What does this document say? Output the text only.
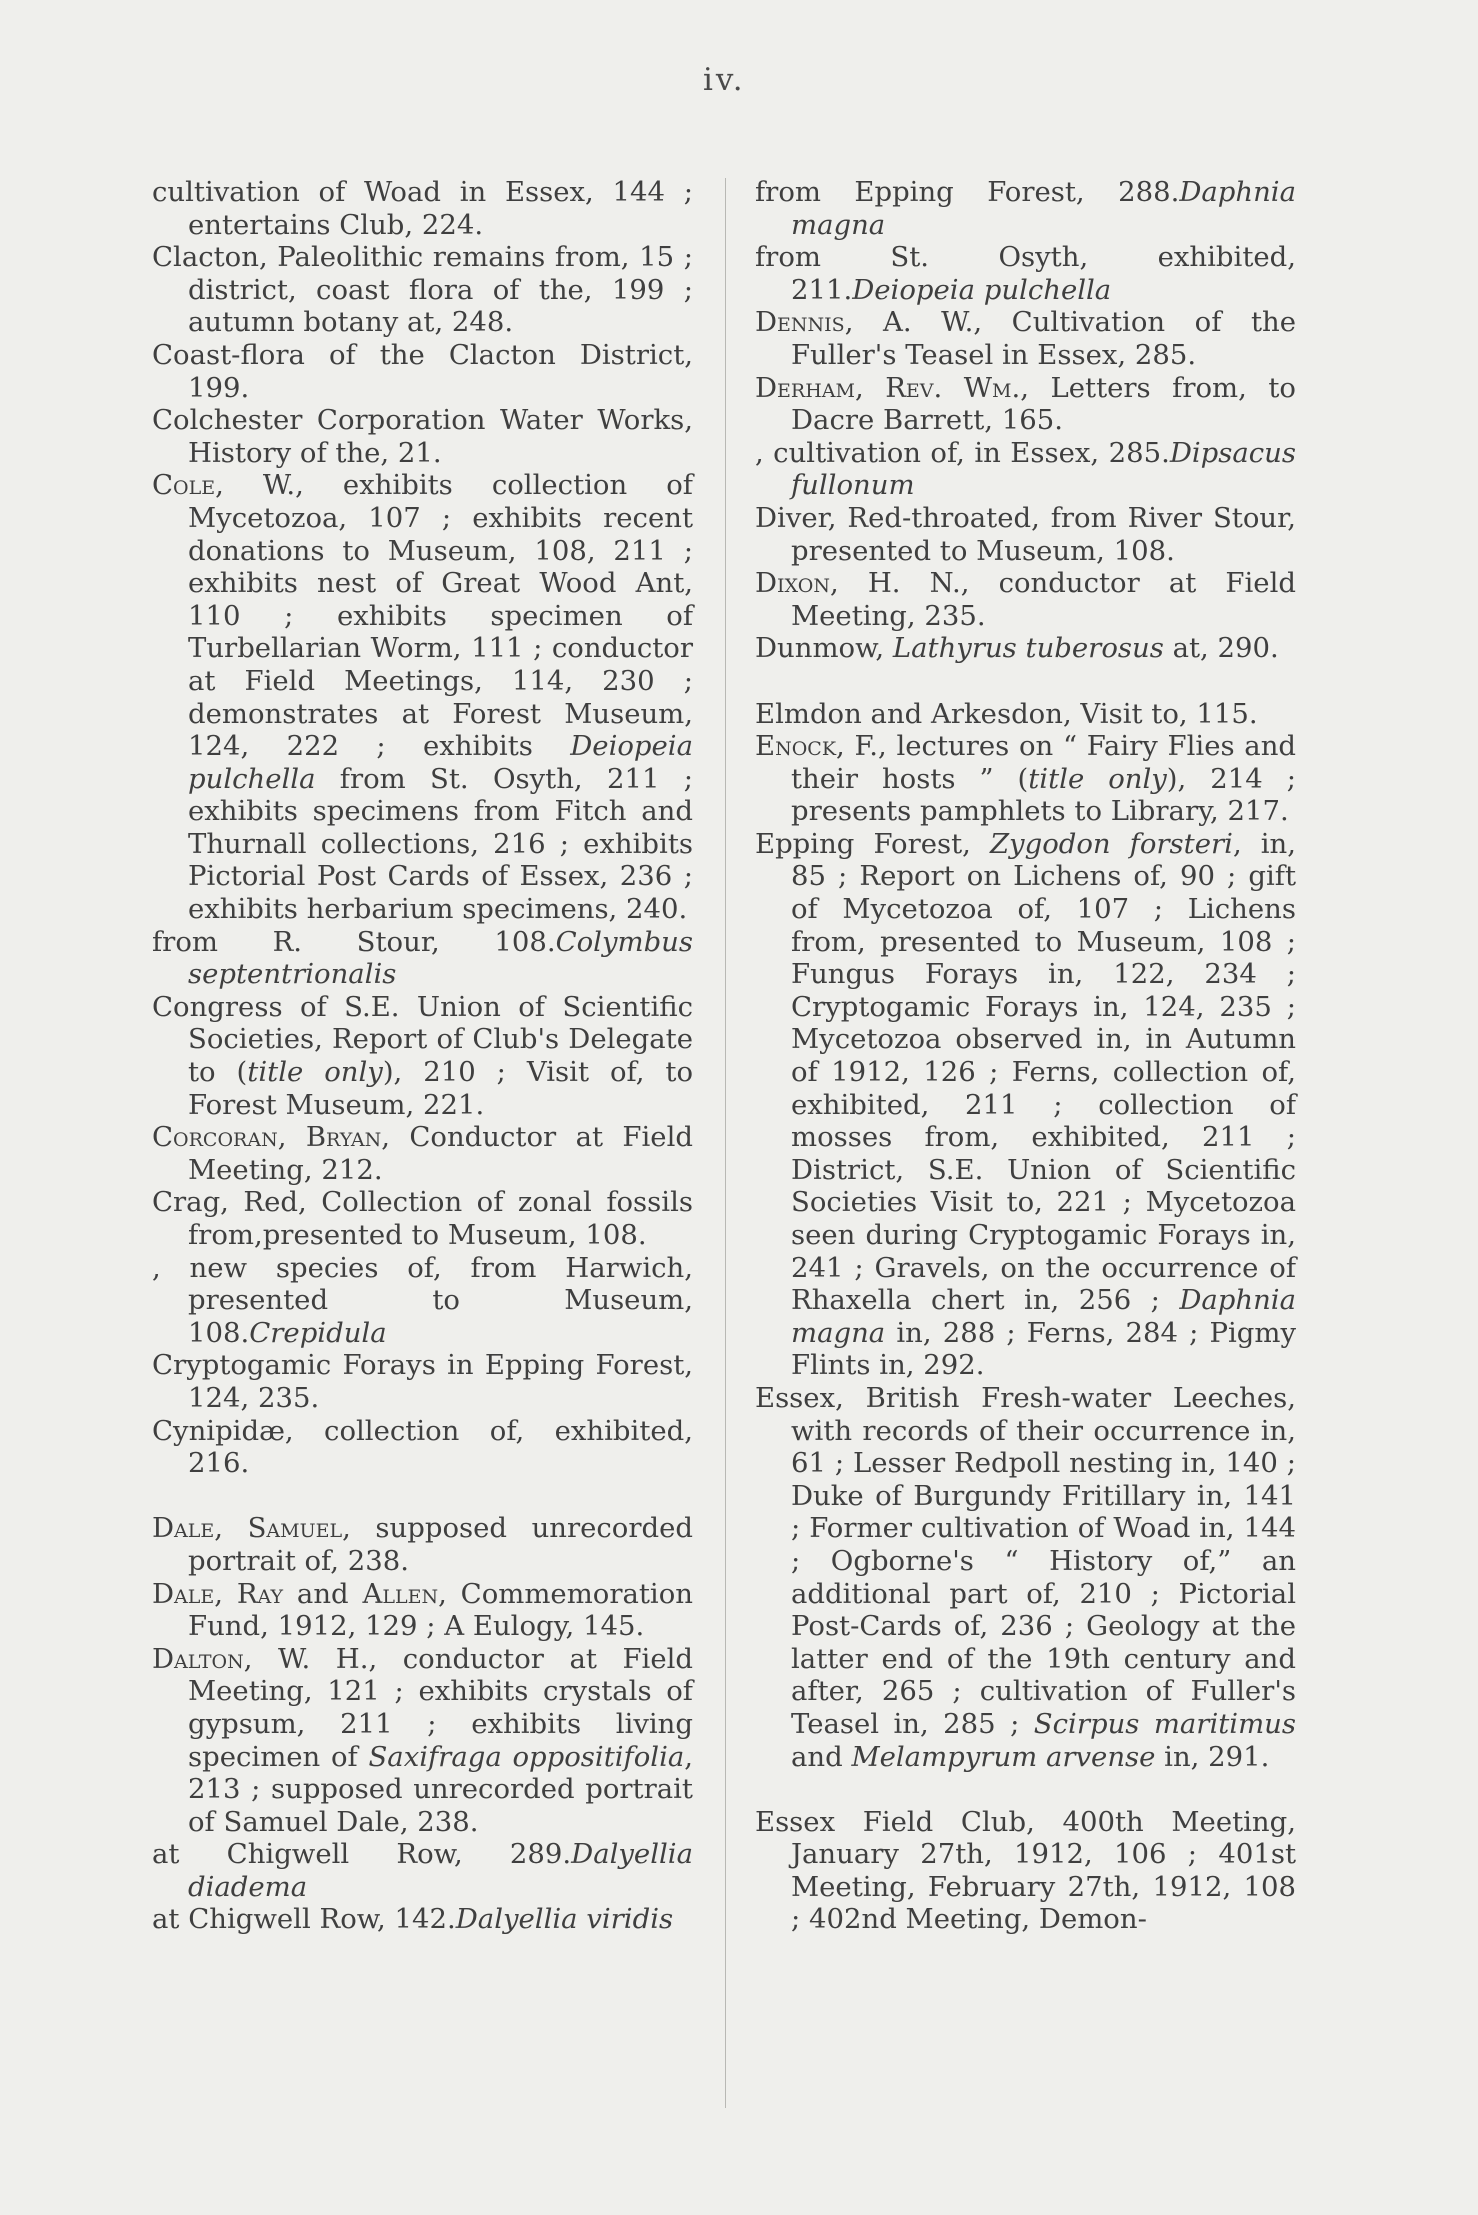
iv.

cultivation of Woad in Essex, 144 ; entertains Club, 224.

Clacton, Paleolithic remains from, 15 ; district, coast flora of the, 199 ; autumn botany at, 248.

Coast-flora of the Clacton District, 199.

Colchester Corporation Water Works, History of the, 21.

Cole, W., exhibits collection of Mycetozoa, 107 ; exhibits recent donations to Museum, 108, 211 ; exhibits nest of Great Wood Ant, 110 ; exhibits specimen of Turbellarian Worm, 111 ; conductor at Field Meetings, 114, 230 ; demonstrates at Forest Museum, 124, 222 ; exhibits Deiopeia pulchella from St. Osyth, 211 ; exhibits specimens from Fitch and Thurnall collections, 216 ; exhibits Pictorial Post Cards of Essex, 236 ; exhibits herbarium specimens, 240.

from R. Stour, 108.Colymbus septentrionalis

Congress of S.E. Union of Scientific Societies, Report of Club's Delegate to (title only), 210 ; Visit of, to Forest Museum, 221.

Corcoran, Bryan, Conductor at Field Meeting, 212.

Crag, Red, Collection of zonal fossils from,presented to Museum, 108.

, new species of, from Harwich, presented to Museum, 108.Crepidula

Cryptogamic Forays in Epping Forest, 124, 235.

Cynipidæ, collection of, exhibited, 216.

Dale, Samuel, supposed unrecorded portrait of, 238.

Dale, Ray and Allen, Commemoration Fund, 1912, 129 ; A Eulogy, 145.

Dalton, W. H., conductor at Field Meeting, 121 ; exhibits crystals of gypsum, 211 ; exhibits living specimen of Saxifraga oppositifolia, 213 ; supposed unrecorded portrait of Samuel Dale, 238.

at Chigwell Row, 289.Dalyellia diadema

at Chigwell Row, 142.Dalyellia viridis

from Epping Forest, 288.Daphnia magna

from St. Osyth, exhibited, 211.Deiopeia pulchella

Dennis, A. W., Cultivation of the Fuller's Teasel in Essex, 285.

Derham, Rev. Wm., Letters from, to Dacre Barrett, 165.

, cultivation of, in Essex, 285.Dipsacus fullonum

Diver, Red-throated, from River Stour, presented to Museum, 108.

Dixon, H. N., conductor at Field Meeting, 235.

Dunmow, Lathyrus tuberosus at, 290.

Elmdon and Arkesdon, Visit to, 115.

Enock, F., lectures on “ Fairy Flies and their hosts ” (title only), 214 ; presents pamphlets to Library, 217.

Epping Forest, Zygodon forsteri, in, 85 ; Report on Lichens of, 90 ; gift of Mycetozoa of, 107 ; Lichens from, presented to Museum, 108 ; Fungus Forays in, 122, 234 ; Cryptogamic Forays in, 124, 235 ; Mycetozoa observed in, in Autumn of 1912, 126 ; Ferns, collection of, exhibited, 211 ; collection of mosses from, exhibited, 211 ; District, S.E. Union of Scientific Societies Visit to, 221 ; Mycetozoa seen during Cryptogamic Forays in, 241 ; Gravels, on the occurrence of Rhaxella chert in, 256 ; Daphnia magna in, 288 ; Ferns, 284 ; Pigmy Flints in, 292.

Essex, British Fresh-water Leeches, with records of their occurrence in, 61 ; Lesser Redpoll nesting in, 140 ; Duke of Burgundy Fritillary in, 141 ; Former cultivation of Woad in, 144 ; Ogborne's “ History of,” an additional part of, 210 ; Pictorial Post-Cards of, 236 ; Geology at the latter end of the 19th century and after, 265 ; cultivation of Fuller's Teasel in, 285 ; Scirpus maritimus and Melampyrum arvense in, 291.

Essex Field Club, 400th Meeting, January 27th, 1912, 106 ; 401st Meeting, February 27th, 1912, 108 ; 402nd Meeting, Demon-
